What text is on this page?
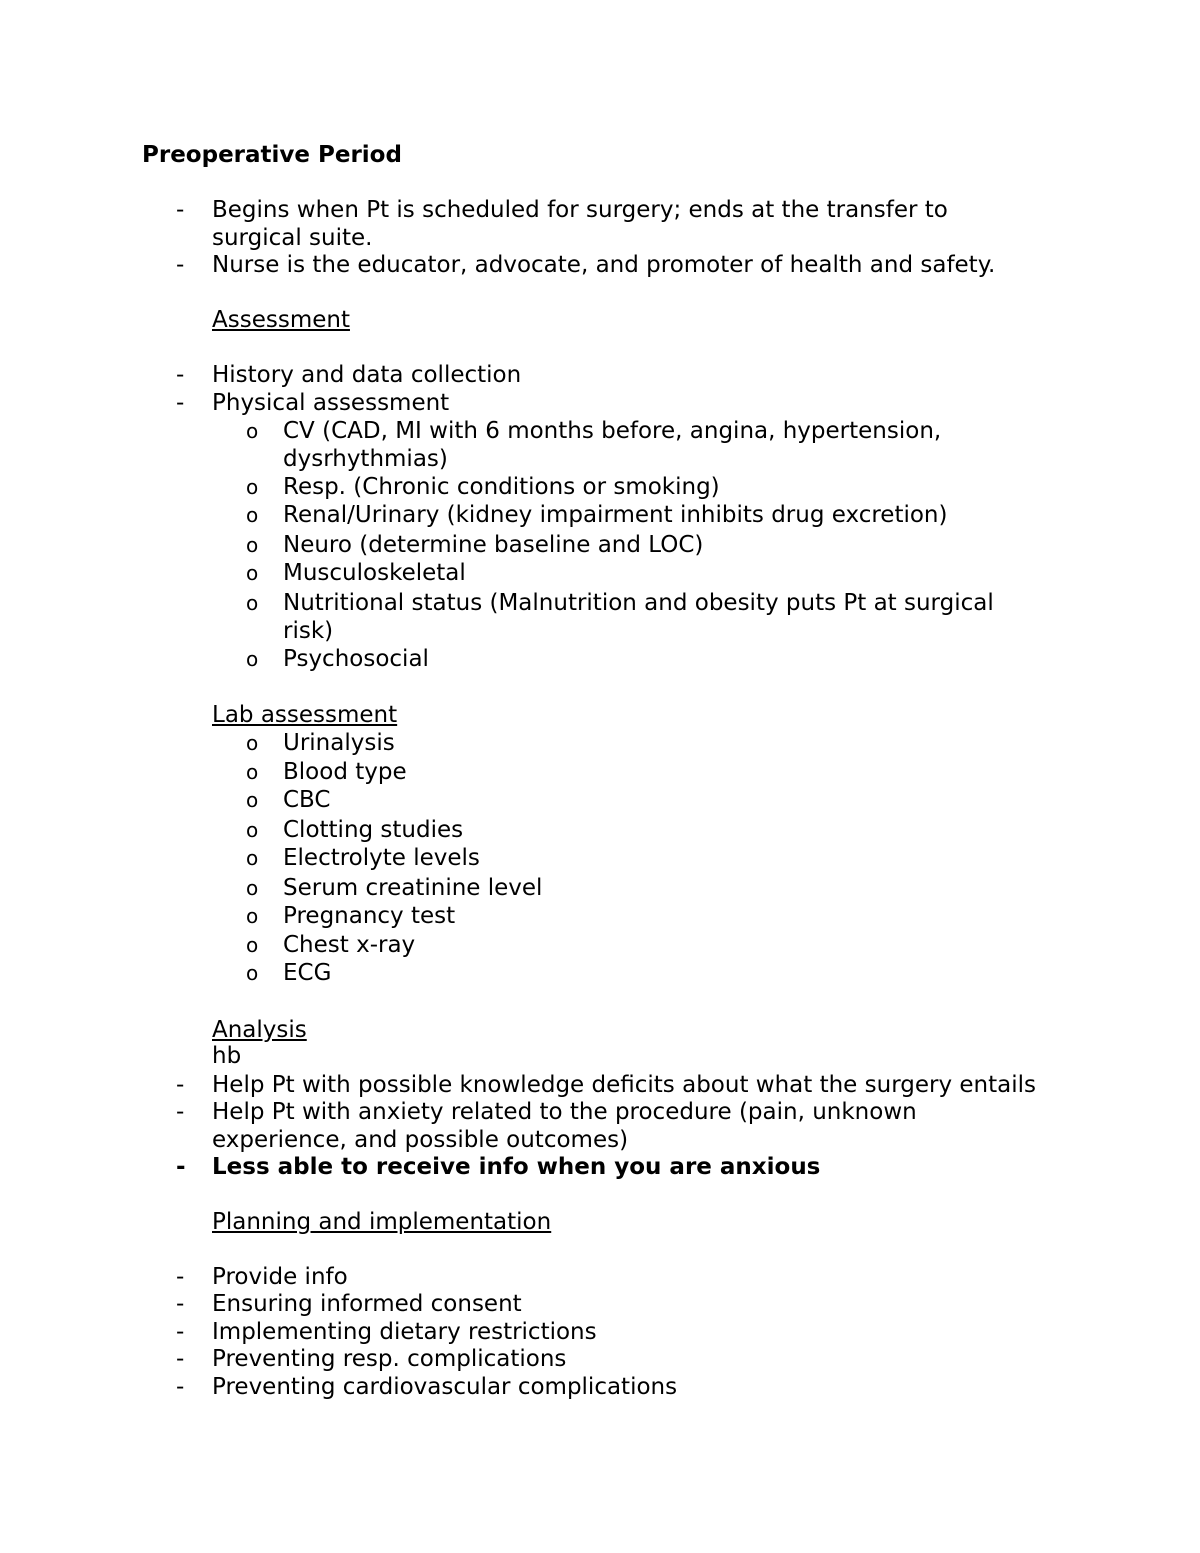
Preoperative Period
- Begins when Pt is scheduled for surgery; ends at the transfer to
surgical suite.
- Nurse is the educator, advocate, and promoter of health and safety.
Assessment
- History and data collection
- Physical assessment
o CV (CAD, MI with 6 months before, angina, hypertension,
dysrhythmias)
o Resp. (Chronic conditions or smoking)
o Renal/Urinary (kidney impairment inhibits drug excretion)
o Neuro (determine baseline and LOC)
o Musculoskeletal
o Nutritional status (Malnutrition and obesity puts Pt at surgical
risk)
o Psychosocial
Lab assessment
o Urinalysis
o Blood type
o CBC
o Clotting studies
o Electrolyte levels
o Serum creatinine level
o Pregnancy test
o Chest x-ray
o ECG
Analysis
hb
- Help Pt with possible knowledge deficits about what the surgery entails
- Help Pt with anxiety related to the procedure (pain, unknown
experience, and possible outcomes)
- Less able to receive info when you are anxious
Planning and implementation
- Provide info
- Ensuring informed consent
- Implementing dietary restrictions
- Preventing resp. complications
- Preventing cardiovascular complications
